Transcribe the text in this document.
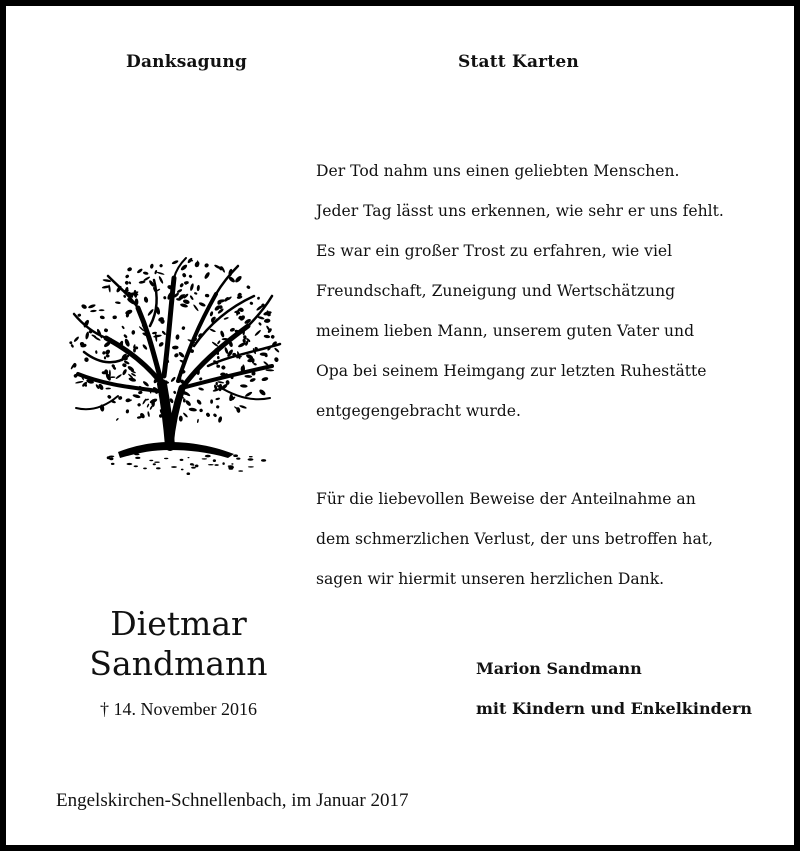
Danksagung	Statt Karten
Dietmar
Sandmann
† 14. November 2016
Der Tod nahm uns einen geliebten Menschen.
Jeder Tag lässt uns erkennen, wie sehr er uns fehlt.
Es war ein großer Trost zu erfahren, wie viel
Freundschaft, Zuneigung und Wertschätzung
meinem lieben Mann, unserem guten Vater und
Opa bei seinem Heimgang zur letzten Ruhestätte
entgegengebracht wurde.
Für die liebevollen Beweise der Anteilnahme an
dem schmerzlichen Verlust, der uns betroffen hat,
sagen wir hiermit unseren herzlichen Dank.
Marion Sandmann
mit Kindern und Enkelkindern
Engelskirchen-Schnellenbach, im Januar 2017
